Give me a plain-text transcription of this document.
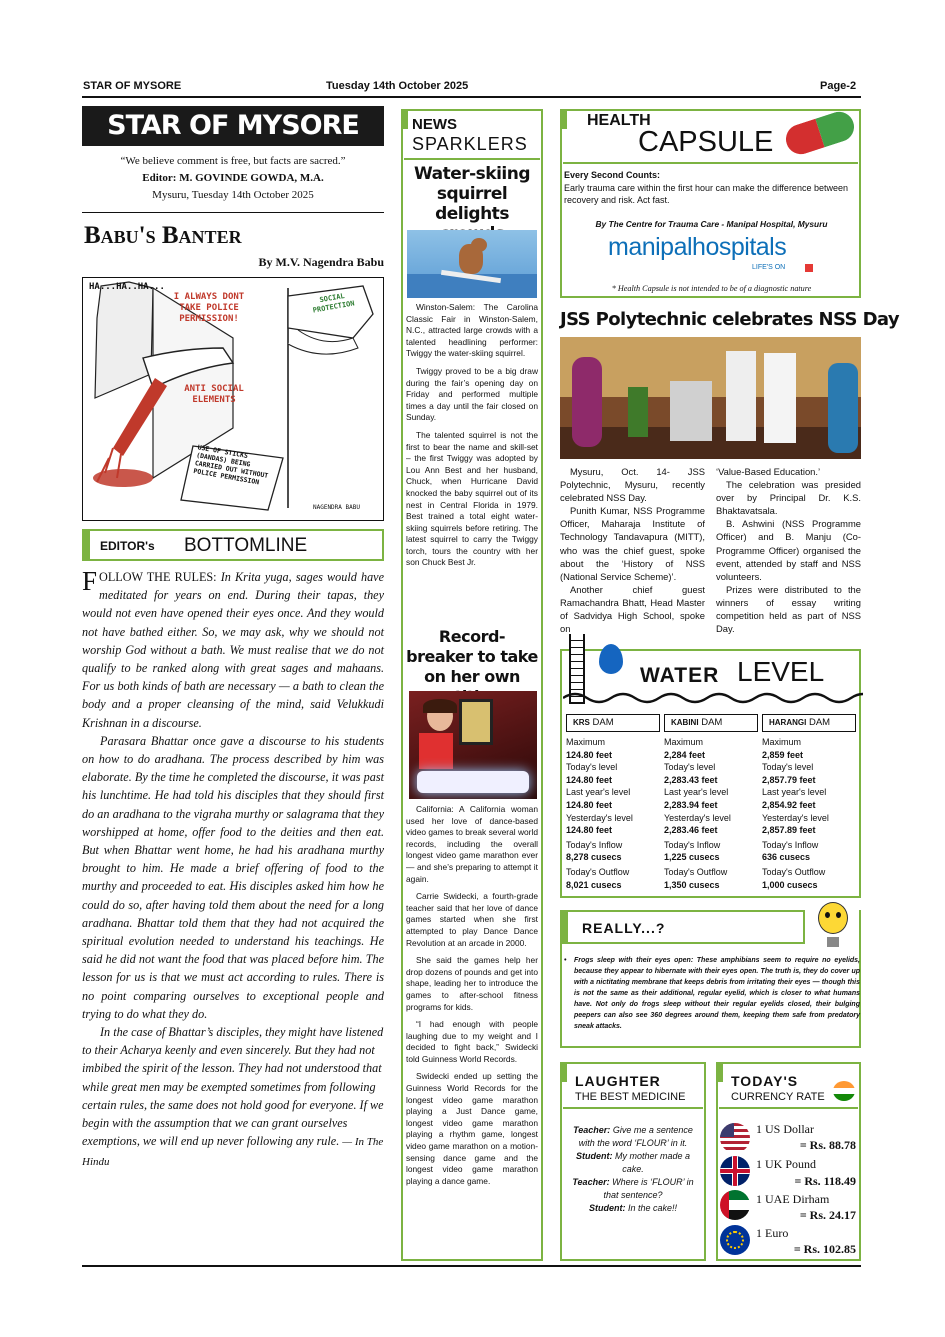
STAR OF MYSORE	Tuesday 14th October 2025	Page-2
STAR OF MYSORE
“We believe comment is free, but facts are sacred.”
Editor: M. GOVINDE GOWDA, M.A.
Mysuru, Tuesday 14th October 2025
Babu's Banter
By M.V. Nagendra Babu
HA...HA..HA...
I ALWAYS DONT TAKE POLICE PERMISSION!
SOCIAL PROTECTION
ANTI SOCIAL ELEMENTS
USE OF STICKS (DANDAS) BEING CARRIED OUT WITHOUT POLICE PERMISSION
NAGENDRA BABU
EDITOR's BOTTOMLINE

FOLLOW THE RULES: In Krita yuga, sages would have meditated for years on end. During their tapas, they would not even have opened their eyes once. And they would not have bathed either. So, we may ask, why we should not worship God without a bath. We must realise that we do not qualify to be ranked along with great sages and mahaans. For us both kinds of bath are necessary — a bath to clean the body and a proper cleansing of the mind, said Velukkudi Krishnan in a discourse.

Parasara Bhattar once gave a discourse to his students on how to do aradhana. The process described by him was elaborate. By the time he completed the discourse, it was past his lunchtime. He had told his disciples that they should first do an aradhana to the vigraha murthy or salagrama that they worshipped at home, offer food to the deities and then eat. But when Bhattar went home, he had his aradhana murthy brought to him. He made a brief offering of food to the murthy and proceeded to eat. His disciples asked him how he could do so, after having told them about the need for a long aradhana. Bhattar told them that they had not acquired the spiritual evolution needed to understand his teachings. He said he did not want the food that was placed before him. The lesson for us is that we must act according to rules. There is no point comparing ourselves to exceptional people and trying to do what they do.

In the case of Bhattar’s disciples, they might have listened to their Acharya keenly and even sincerely. But they had not imbibed the spirit of the lesson. They had not understood that while great men may be exempted sometimes from following certain rules, the same does not hold good for everyone. If we begin with the assumption that we can grant ourselves exemptions, we will end up never following any rule. — In The Hindu

NEWS
SPARKLERS
Water-skiing squirrel delights

Winston-Salem: The Carolina Classic Fair in Winston-Salem, N.C., attracted large crowds with a talented headlining performer: Twiggy the water-skiing squirrel.

Twiggy proved to be a big draw during the fair’s opening day on Friday and performed multiple times a day until the fair closed on Sunday.

The talented squirrel is not the first to bear the name and skill-set – the first Twiggy was adopted by Lou Ann Best and her husband, Chuck, when Hurricane David knocked the baby squirrel out of its nest in Central Florida in 1979. Best trained a total eight water-skiing squirrels before retiring. The latest squirrel to carry the Twiggy torch, tours the country with her son Chuck Best Jr.

Record-breaker to take on her own

California: A California woman used her love of dance-based video games to break several world records, including the overall longest video game marathon ever — and she’s preparing to attempt it again.

Carrie Swidecki, a fourth-grade teacher said that her love of dance games started when she first attempted to play Dance Dance Revolution at an arcade in 2000.

She said the games help her drop dozens of pounds and get into shape, leading her to introduce the games to after-school fitness programs for kids.

“I had enough with people laughing due to my weight and I decided to fight back,” Swidecki told Guinness World Records.

Swidecki ended up setting the Guinness World Records for the longest video game marathon playing a Just Dance game, longest video game marathon playing a rhythm game, longest video game marathon on a motion-sensing dance game and the longest video game marathon playing a dance game.

HEALTH
CAPSULE
Every Second Counts:
Early trauma care within the first hour can make the difference between recovery and risk. Act fast.
By The Centre for Trauma Care - Manipal Hospital, Mysuru
manipalhospitals
LIFE'S ON
* Health Capsule is not intended to be of a diagnostic nature
JSS Polytechnic celebrates NSS Day

Mysuru, Oct. 14- JSS Polytechnic, Mysuru, recently celebrated NSS Day.

Punith Kumar, NSS Programme Officer, Maharaja Institute of Technology Tandavapura (MITT), who was the chief guest, spoke about the ‘History of NSS (National Service Scheme)’.

Another chief guest Ramachandra Bhatt, Head Master of Sadvidya High School, spoke on

‘Value-Based Education.’

The celebration was presided over by Principal Dr. K.S. Bhaktavatsala.

B. Ashwini (NSS Programme Officer) and B. Manju (Co-Programme Officer) organised the event, attended by staff and NSS volunteers.

Prizes were distributed to the winners of essay writing competition held as part of NSS Day.

WATER LEVEL
KRS DAM
Maximum
124.80 feet
Today's level
124.80 feet
Last year's level
124.80 feet
Yesterday's level
124.80 feet
Today's Inflow
8,278 cusecs
Today's Outflow
8,021 cusecs
KABINI DAM
Maximum
2,284 feet
Today's level
2,283.43 feet
Last year's level
2,283.94 feet
Yesterday's level
2,283.46 feet
Today's Inflow
1,225 cusecs
Today's Outflow
1,350 cusecs
HARANGI DAM
Maximum
2,859 feet
Today's level
2,857.79 feet
Last year's level
2,854.92 feet
Yesterday's level
2,857.89 feet
Today's Inflow
636 cusecs
Today's Outflow
1,000 cusecs
REALLY...?
• Frogs sleep with their eyes open: These amphibians seem to require no eyelids, because they appear to hibernate with their eyes open. The truth is, they do cover up with a nictitating membrane that keeps debris from irritating their eyes — though this is not the same as their additional, regular eyelid, which is closer to what humans have. Not only do frogs sleep without their regular eyelids closed, their bulging peepers can also see 360 degrees around them, keeping them safe from predatory sneak attacks.
LAUGHTER
THE BEST MEDICINE
Teacher: Give me a sentence with the word ‘FLOUR’ in it.
Student: My mother made a cake.
Teacher: Where is ‘FLOUR’ in that sentence?
Student: In the cake!!
TODAY'S
CURRENCY RATE
1 US Dollar
= Rs. 88.78
1 UK Pound
= Rs. 118.49
1 UAE Dirham
= Rs. 24.17
1 Euro
= Rs. 102.85
